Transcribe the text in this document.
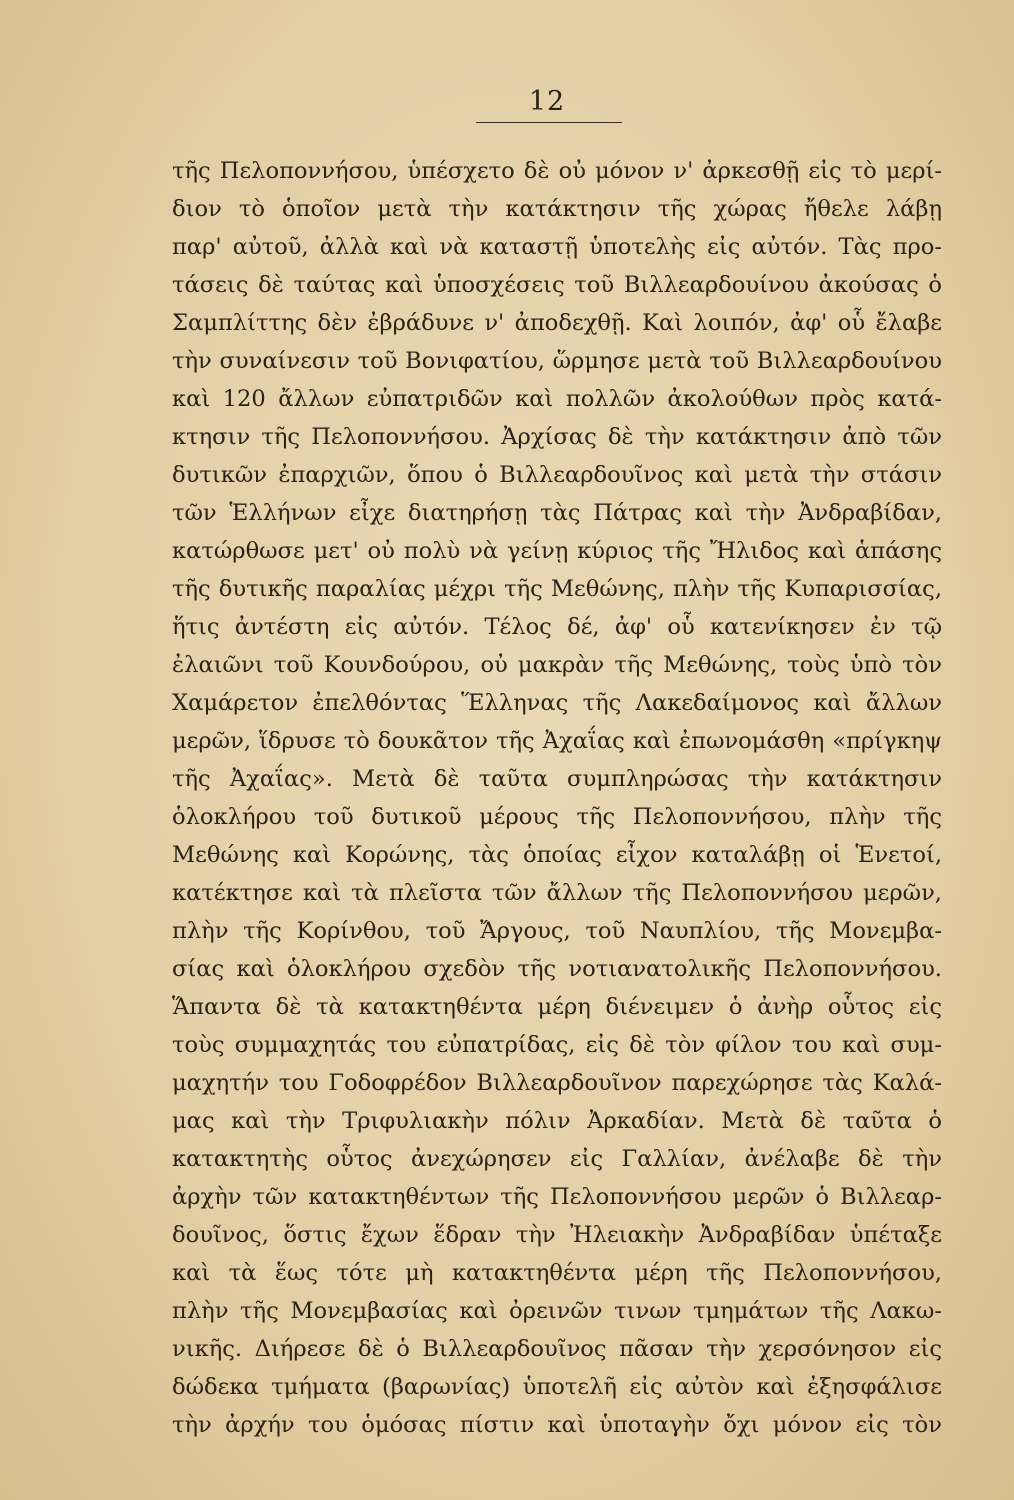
12
τῆς Πελοποννήσου, ὑπέσχετο δὲ οὐ μόνον ν' ἀρκεσθῇ εἰς τὸ μερί-
διον τὸ ὁποῖον μετὰ τὴν κατάκτησιν τῆς χώρας ἤθελε λάβῃ
παρ' αὐτοῦ, ἀλλὰ καὶ νὰ καταστῇ ὑποτελὴς εἰς αὐτόν. Τὰς προ-
τάσεις δὲ ταύτας καὶ ὑποσχέσεις τοῦ Βιλλεαρδουίνου ἀκούσας ὁ
Σαμπλίττης δὲν ἐβράδυνε ν' ἀποδεχθῇ. Καὶ λοιπόν, ἀφ' οὗ ἔλαβε
τὴν συναίνεσιν τοῦ Βονιφατίου, ὥρμησε μετὰ τοῦ Βιλλεαρδουίνου
καὶ 120 ἄλλων εὐπατριδῶν καὶ πολλῶν ἀκολούθων πρὸς κατά-
κτησιν τῆς Πελοποννήσου. Ἀρχίσας δὲ τὴν κατάκτησιν ἀπὸ τῶν
δυτικῶν ἐπαρχιῶν, ὅπου ὁ Βιλλεαρδουῖνος καὶ μετὰ τὴν στάσιν
τῶν Ἑλλήνων εἶχε διατηρήσῃ τὰς Πάτρας καὶ τὴν Ἀνδραβίδαν,
κατώρθωσε μετ' οὐ πολὺ νὰ γείνῃ κύριος τῆς Ἤλιδος καὶ ἁπάσης
τῆς δυτικῆς παραλίας μέχρι τῆς Μεθώνης, πλὴν τῆς Κυπαρισσίας,
ἥτις ἀντέστη εἰς αὐτόν. Τέλος δέ, ἀφ' οὗ κατενίκησεν ἐν τῷ
ἐλαιῶνι τοῦ Κουνδούρου, οὐ μακρὰν τῆς Μεθώνης, τοὺς ὑπὸ τὸν
Χαμάρετον ἐπελθόντας Ἕλληνας τῆς Λακεδαίμονος καὶ ἄλλων
μερῶν, ἵδρυσε τὸ δουκᾶτον τῆς Ἀχαΐας καὶ ἐπωνομάσθη «πρίγκηψ
τῆς Ἀχαΐας». Μετὰ δὲ ταῦτα συμπληρώσας τὴν κατάκτησιν
ὁλοκλήρου τοῦ δυτικοῦ μέρους τῆς Πελοποννήσου, πλὴν τῆς
Μεθώνης καὶ Κορώνης, τὰς ὁποίας εἶχον καταλάβῃ οἱ Ἑνετοί,
κατέκτησε καὶ τὰ πλεῖστα τῶν ἄλλων τῆς Πελοποννήσου μερῶν,
πλὴν τῆς Κορίνθου, τοῦ Ἄργους, τοῦ Ναυπλίου, τῆς Μονεμβα-
σίας καὶ ὁλοκλήρου σχεδὸν τῆς νοτιανατολικῆς Πελοποννήσου.
Ἅπαντα δὲ τὰ κατακτηθέντα μέρη διένειμεν ὁ ἀνὴρ οὗτος εἰς
τοὺς συμμαχητάς του εὐπατρίδας, εἰς δὲ τὸν φίλον του καὶ συμ-
μαχητήν του Γοδοφρέδον Βιλλεαρδουῖνον παρεχώρησε τὰς Καλά-
μας καὶ τὴν Τριφυλιακὴν πόλιν Ἀρκαδίαν. Μετὰ δὲ ταῦτα ὁ
κατακτητὴς οὗτος ἀνεχώρησεν εἰς Γαλλίαν, ἀνέλαβε δὲ τὴν
ἀρχὴν τῶν κατακτηθέντων τῆς Πελοποννήσου μερῶν ὁ Βιλλεαρ-
δουῖνος, ὅστις ἔχων ἕδραν τὴν Ἠλειακὴν Ἀνδραβίδαν ὑπέταξε
καὶ τὰ ἕως τότε μὴ κατακτηθέντα μέρη τῆς Πελοποννήσου,
πλὴν τῆς Μονεμβασίας καὶ ὀρεινῶν τινων τμημάτων τῆς Λακω-
νικῆς. Διήρεσε δὲ ὁ Βιλλεαρδουῖνος πᾶσαν τὴν χερσόνησον εἰς
δώδεκα τμήματα (βαρωνίας) ὑποτελῆ εἰς αὐτὸν καὶ ἐξησφάλισε
τὴν ἀρχήν του ὁμόσας πίστιν καὶ ὑποταγὴν ὄχι μόνον εἰς τὸν
